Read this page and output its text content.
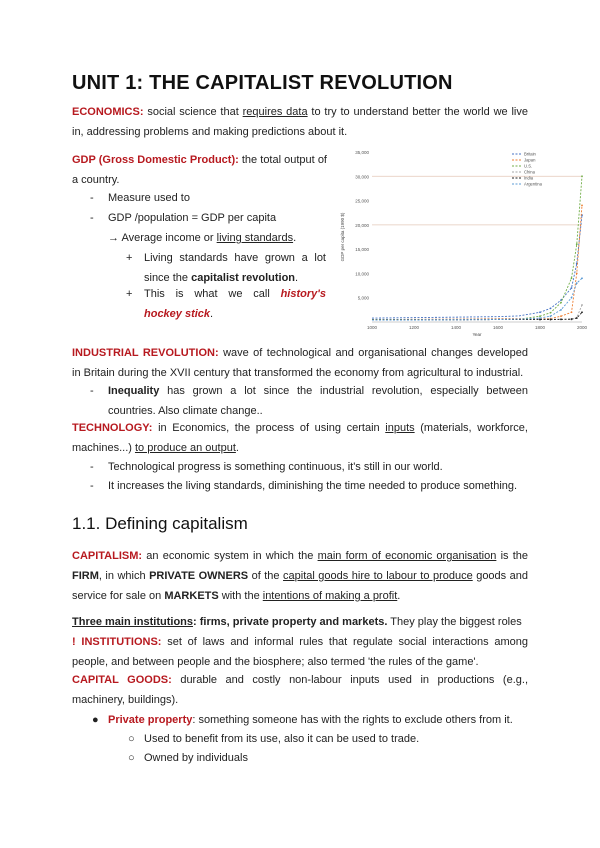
UNIT 1: THE CAPITALIST REVOLUTION

ECONOMICS: social science that requires data to try to understand better the world we live in, addressing problems and making predictions about it.

GDP (Gross Domestic Product): the total output of a country.

- Measure used to
- GDP /population = GDP per capita
→ Average income or living standards.
+ Living standards have grown a lot since the capitalist revolution.
+ This is what we call history's hockey stick.
35,000
30,000
25,000
20,000
15,000
10,000
5,000
1000	1200	1400	1600	1800	2000
Year
GDP per capita (1990 $)
Britain
Japan
U.S.
China
India
Argentina

INDUSTRIAL REVOLUTION: wave of technological and organisational changes developed in Britain during the XVII century that transformed the economy from agricultural to industrial.

- Inequality has grown a lot since the industrial revolution, especially between countries. Also climate change..

TECHNOLOGY: in Economics, the process of using certain inputs (materials, workforce, machines...) to produce an output.

- Technological progress is something continuous, it's still in our world.
- It increases the living standards, diminishing the time needed to produce something.
1.1. Defining capitalism

CAPITALISM: an economic system in which the main form of economic organisation is the FIRM, in which PRIVATE OWNERS of the capital goods hire to labour to produce goods and service for sale on MARKETS with the intentions of making a profit.

Three main institutions: firms, private property and markets. They play the biggest roles
! INSTITUTIONS: set of laws and informal rules that regulate social interactions among people, and between people and the biosphere; also termed 'the rules of the game'.

CAPITAL GOODS: durable and costly non-labour inputs used in productions (e.g., machinery, buildings).

● Private property: something someone has with the rights to exclude others from it.
○ Used to benefit from its use, also it can be used to trade.
○ Owned by individuals
